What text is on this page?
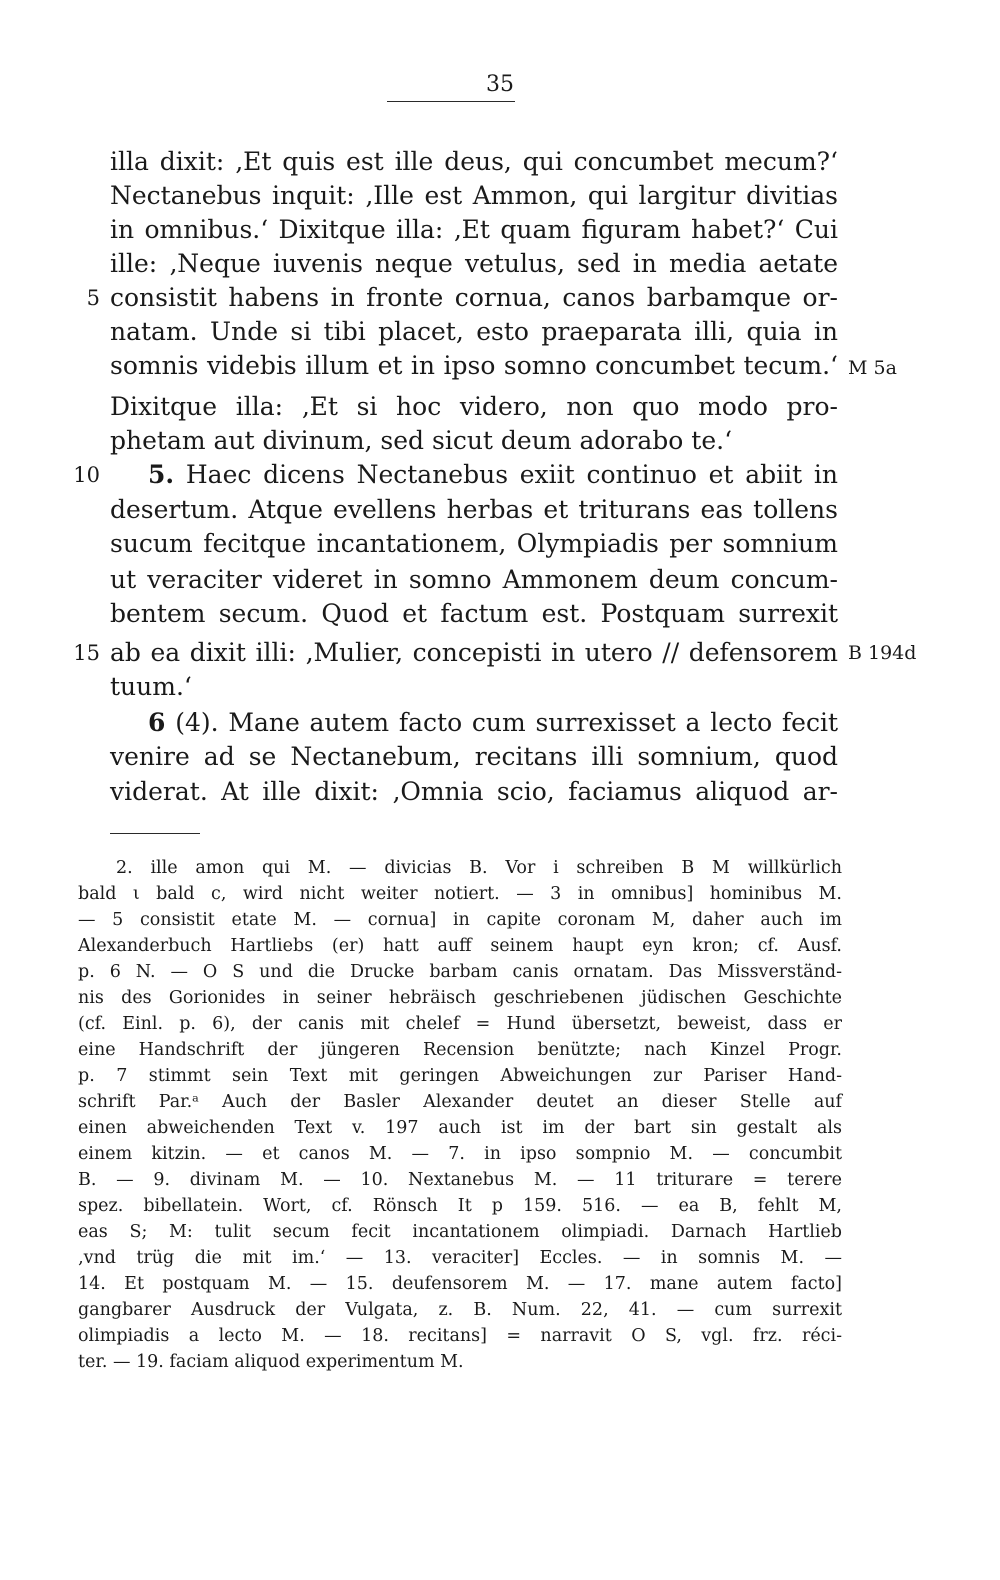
35
illa dixit: ‚Et quis est ille deus, qui concumbet mecum?‘
Nectanebus inquit: ‚Ille est Ammon, qui largitur divitias
in omnibus.‘ Dixitque illa: ‚Et quam figuram habet?‘ Cui
ille: ‚Neque iuvenis neque vetulus, sed in media aetate
5 consistit habens in fronte cornua, canos barbamque or-
natam. Unde si tibi placet, esto praeparata illi, quia in
somnis videbis illum et in ipso somno concumbet tecum.‘ M 5a
Dixitque illa: ‚Et si hoc videro, non quo modo pro-
phetam aut divinum, sed sicut deum adorabo te.‘
10 5. Haec dicens Nectanebus exiit continuo et abiit in
desertum. Atque evellens herbas et triturans eas tollens
sucum fecitque incantationem, Olympiadis per somnium
ut veraciter videret in somno Ammonem deum concum-
bentem secum. Quod et factum est. Postquam surrexit
15 ab ea dixit illi: ‚Mulier, concepisti in utero // defensorem B 194d
tuum.‘
6 (4). Mane autem facto cum surrexisset a lecto fecit
venire ad se Nectanebum, recitans illi somnium, quod
viderat. At ille dixit: ‚Omnia scio, faciamus aliquod ar-
2. ille amon qui M. — divicias B. Vor i schreiben B M willkürlich
bald ι bald c, wird nicht weiter notiert. — 3 in omnibus] hominibus M.
— 5 consistit etate M. — cornua] in capite coronam M, daher auch im
Alexanderbuch Hartliebs (er) hatt auff seinem haupt eyn kron; cf. Ausf.
p. 6 N. — O S und die Drucke barbam canis ornatam. Das Missverständ-
nis des Gorionides in seiner hebräisch geschriebenen jüdischen Geschichte
(cf. Einl. p. 6), der canis mit chelef = Hund übersetzt, beweist, dass er
eine Handschrift der jüngeren Recension benützte; nach Kinzel Progr.
p. 7 stimmt sein Text mit geringen Abweichungen zur Pariser Hand-
schrift Par.ᵃ Auch der Basler Alexander deutet an dieser Stelle auf
einen abweichenden Text v. 197 auch ist im der bart sin gestalt als
einem kitzin. — et canos M. — 7. in ipso sompnio M. — concumbit
B. — 9. divinam M. — 10. Nextanebus M. — 11 triturare = terere
spez. bibellatein. Wort, cf. Rönsch It p 159. 516. — ea B, fehlt M,
eas S; M: tulit secum fecit incantationem olimpiadi. Darnach Hartlieb
‚vnd trüg die mit im.‘ — 13. veraciter] Eccles. — in somnis M. —
14. Et postquam M. — 15. deufensorem M. — 17. mane autem facto]
gangbarer Ausdruck der Vulgata, z. B. Num. 22, 41. — cum surrexit
olimpiadis a lecto M. — 18. recitans] = narravit O S, vgl. frz. réci-
ter. — 19. faciam aliquod experimentum M.
